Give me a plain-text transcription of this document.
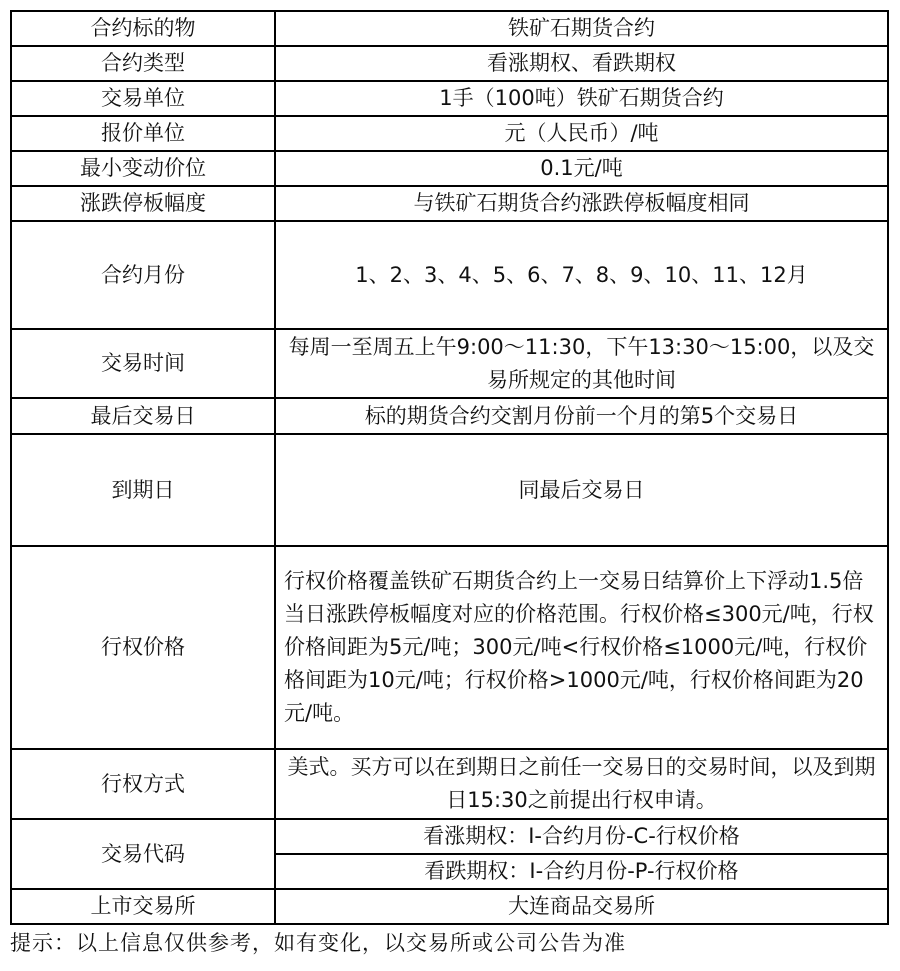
合约标的物	铁矿石期货合约
合约类型	看涨期权、看跌期权
交易单位	1手（100吨）铁矿石期货合约
报价单位	元（人民币）/吨
最小变动价位	0.1元/吨
涨跌停板幅度	与铁矿石期货合约涨跌停板幅度相同
合约月份	1、2、3、4、5、6、7、8、9、10、11、12月
交易时间	每周一至周五上午9:00～11:30，下午13:30～15:00，以及交易所规定的其他时间
最后交易日	标的期货合约交割月份前一个月的第5个交易日
到期日	同最后交易日
行权价格	行权价格覆盖铁矿石期货合约上一交易日结算价上下浮动1.5倍当日涨跌停板幅度对应的价格范围。行权价格≤300元/吨，行权价格间距为5元/吨；300元/吨<行权价格≤1000元/吨，行权价格间距为10元/吨；行权价格>1000元/吨，行权价格间距为20元/吨。
行权方式	美式。买方可以在到期日之前任一交易日的交易时间，以及到期日15:30之前提出行权申请。
交易代码	看涨期权：I-合约月份-C-行权价格
	看跌期权：I-合约月份-P-行权价格
上市交易所	大连商品交易所
提示：以上信息仅供参考，如有变化，以交易所或公司公告为准
